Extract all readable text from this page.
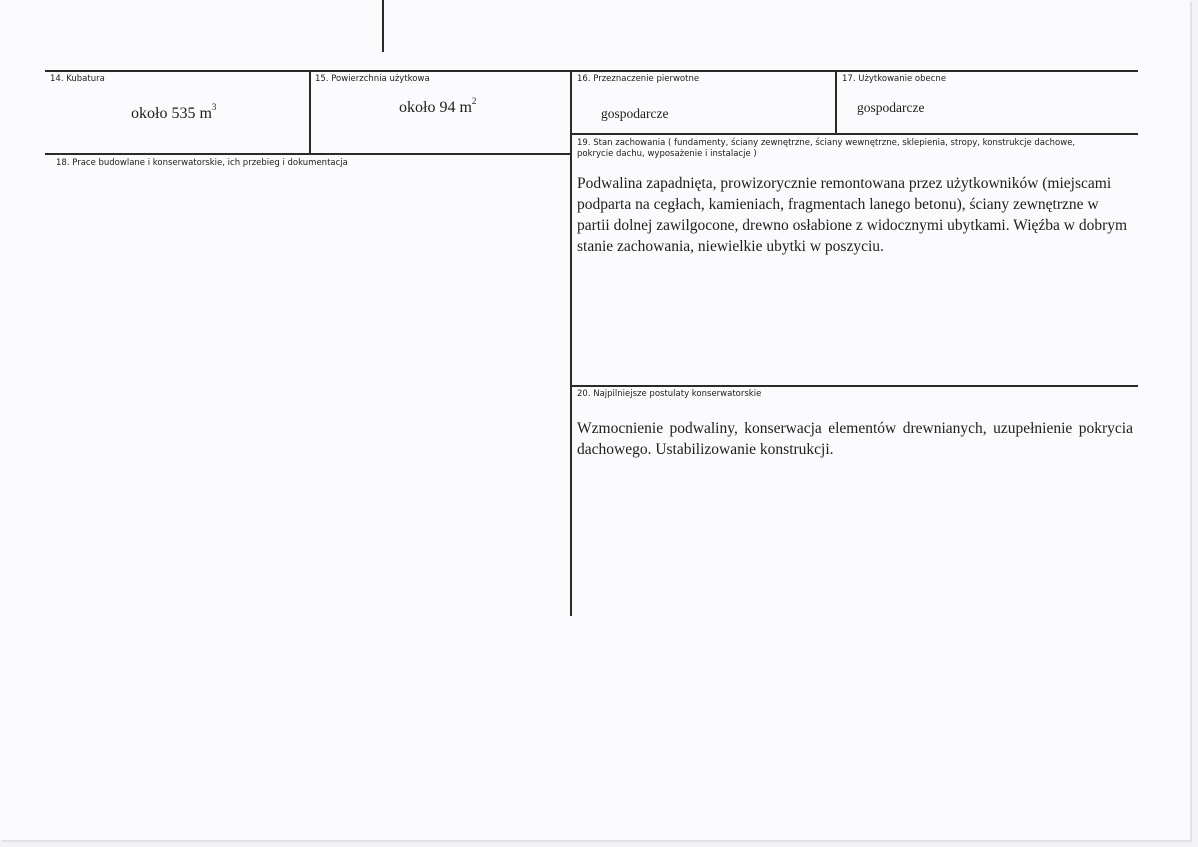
14. Kubatura
około 535 $m^3$
15. Powierzchnia użytkowa
około 94 $m^2$
16. Przeznaczenie pierwotne
gospodarcze
17. Użytkowanie obecne
gospodarcze
18. Prace budowlane i konserwatorskie, ich przebieg i dokumentacja
19. Stan zachowania ( fundamenty, ściany zewnętrzne, ściany wewnętrzne, sklepienia, stropy, konstrukcje dachowe, pokrycie dachu, wyposażenie i instalacje )
Podwalina zapadnięta, prowizorycznie remontowana przez użytkowników (miejscami podparta na cegłach, kamieniach, fragmentach lanego betonu), ściany zewnętrzne w partii dolnej zawilgocone, drewno osłabione z widocznymi ubytkami. Więźba w dobrym stanie zachowania, niewielkie ubytki w poszyciu.
20. Najpilniejsze postulaty konserwatorskie
Wzmocnienie podwaliny, konserwacja elementów drewnianych, uzupełnienie pokrycia dachowego. Ustabilizowanie konstrukcji.
